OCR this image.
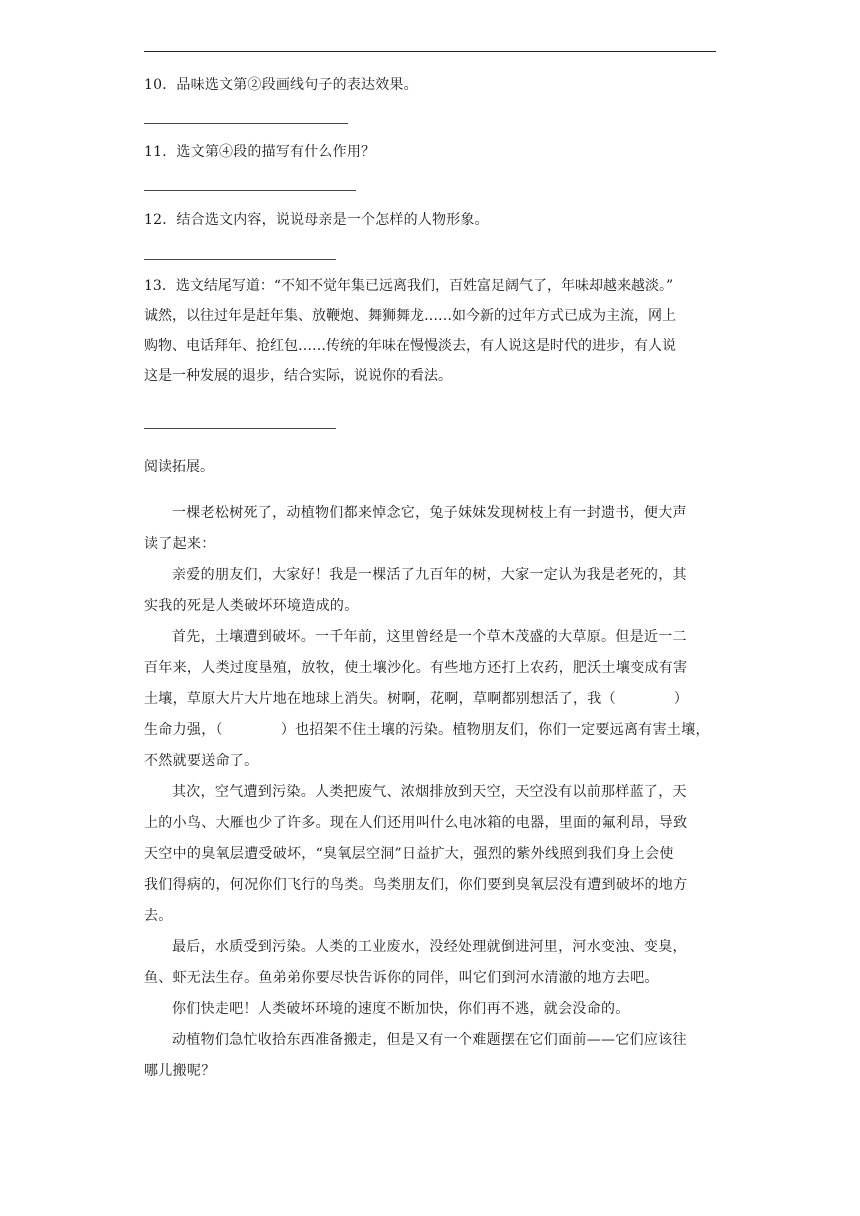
10．品味选文第②段画线句子的表达效果。
11．选文第④段的描写有什么作用？
12．结合选文内容，说说母亲是一个怎样的人物形象。
13．选文结尾写道：“不知不觉年集已远离我们，百姓富足阔气了，年味却越来越淡。”
诚然，以往过年是赶年集、放鞭炮、舞狮舞龙……如今新的过年方式已成为主流，网上
购物、电话拜年、抢红包……传统的年味在慢慢淡去，有人说这是时代的进步，有人说
这是一种发展的退步，结合实际，说说你的看法。
阅读拓展。
一棵老松树死了，动植物们都来悼念它，兔子妹妹发现树枝上有一封遗书，便大声
读了起来：
亲爱的朋友们，大家好！我是一棵活了九百年的树，大家一定认为我是老死的，其
实我的死是人类破坏环境造成的。
首先，土壤遭到破坏。一千年前，这里曾经是一个草木茂盛的大草原。但是近一二
百年来，人类过度垦殖，放牧，使土壤沙化。有些地方还打上农药，肥沃土壤变成有害
土壤，草原大片大片地在地球上消失。树啊，花啊，草啊都别想活了，我（	）
生命力强，（	）也招架不住土壤的污染。植物朋友们，你们一定要远离有害土壤，
不然就要送命了。
其次，空气遭到污染。人类把废气、浓烟排放到天空，天空没有以前那样蓝了，天
上的小鸟、大雁也少了许多。现在人们还用叫什么电冰箱的电器，里面的氟利昂，导致
天空中的臭氧层遭受破坏，“臭氧层空洞”日益扩大，强烈的紫外线照到我们身上会使
我们得病的，何况你们飞行的鸟类。鸟类朋友们，你们要到臭氧层没有遭到破坏的地方
去。
最后，水质受到污染。人类的工业废水，没经处理就倒进河里，河水变浊、变臭，
鱼、虾无法生存。鱼弟弟你要尽快告诉你的同伴，叫它们到河水清澈的地方去吧。
你们快走吧！人类破坏环境的速度不断加快，你们再不逃，就会没命的。
动植物们急忙收拾东西准备搬走，但是又有一个难题摆在它们面前——它们应该往
哪儿搬呢？
